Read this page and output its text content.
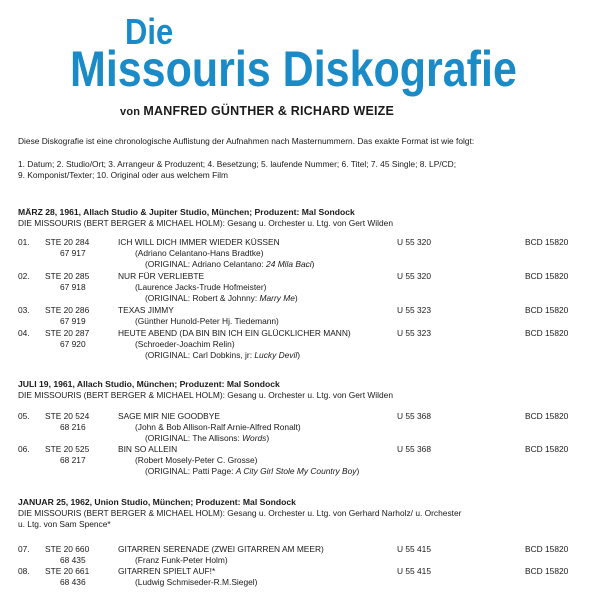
Die
Missouris Diskografie
von MANFRED GÜNTHER & RICHARD WEIZE
Diese Diskografie ist eine chronologische Auflistung der Aufnahmen nach Masternummern. Das exakte Format ist wie folgt:
1. Datum; 2. Studio/Ort; 3. Arrangeur & Produzent; 4. Besetzung; 5. laufende Nummer; 6. Titel; 7. 45 Single; 8. LP/CD;
9. Komponist/Texter; 10. Original oder aus welchem Film
MÄRZ 28, 1961, Allach Studio & Jupiter Studio, München; Produzent: Mal Sondock
DIE MISSOURIS (BERT BERGER & MICHAEL HOLM): Gesang u. Orchester u. Ltg. von Gert Wilden
01. STE 20 284
67 917
ICH WILL DICH IMMER WIEDER KÜSSEN
(Adriano Celantano-Hans Bradtke)
(ORIGINAL: Adriano Celantano: 24 Mila Baci)
U 55 320	BCD 15820
02. STE 20 285
67 918
NUR FÜR VERLIEBTE
(Laurence Jacks-Trude Hofmeister)
(ORIGINAL: Robert & Johnny: Marry Me)
U 55 320	BCD 15820
03. STE 20 286
67 919
TEXAS JIMMY
(Günther Hunold-Peter Hj. Tiedemann)
U 55 323	BCD 15820
04. STE 20 287
67 920
HEUTE ABEND (DA BIN BIN ICH EIN GLÜCKLICHER MANN)
(Schroeder-Joachim Relin)
(ORIGINAL: Carl Dobkins, jr: Lucky Devil)
U 55 323	BCD 15820
JULI 19, 1961, Allach Studio, München; Produzent: Mal Sondock
DIE MISSOURIS (BERT BERGER & MICHAEL HOLM): Gesang u. Orchester u. Ltg. von Gert Wilden
05. STE 20 524
68 216
SAGE MIR NIE GOODBYE
(John & Bob Allison-Ralf Arnie-Alfred Ronalt)
(ORIGINAL: The Allisons: Words)
U 55 368	BCD 15820
06. STE 20 525
68 217
BIN SO ALLEIN
(Robert Mosely-Peter C. Grosse)
(ORIGINAL: Patti Page: A City Girl Stole My Country Boy)
U 55 368	BCD 15820
JANUAR 25, 1962, Union Studio, München; Produzent: Mal Sondock
DIE MISSOURIS (BERT BERGER & MICHAEL HOLM): Gesang u. Orchester u. Ltg. von Gerhard Narholz/ u. Orchester
u. Ltg. von Sam Spence*
07. STE 20 660
68 435
GITARREN SERENADE (ZWEI GITARREN AM MEER)
(Franz Funk-Peter Holm)
U 55 415	BCD 15820
08. STE 20 661
68 436
GITARREN SPIELT AUF!*
(Ludwig Schmiseder-R.M.Siegel)
U 55 415	BCD 15820
